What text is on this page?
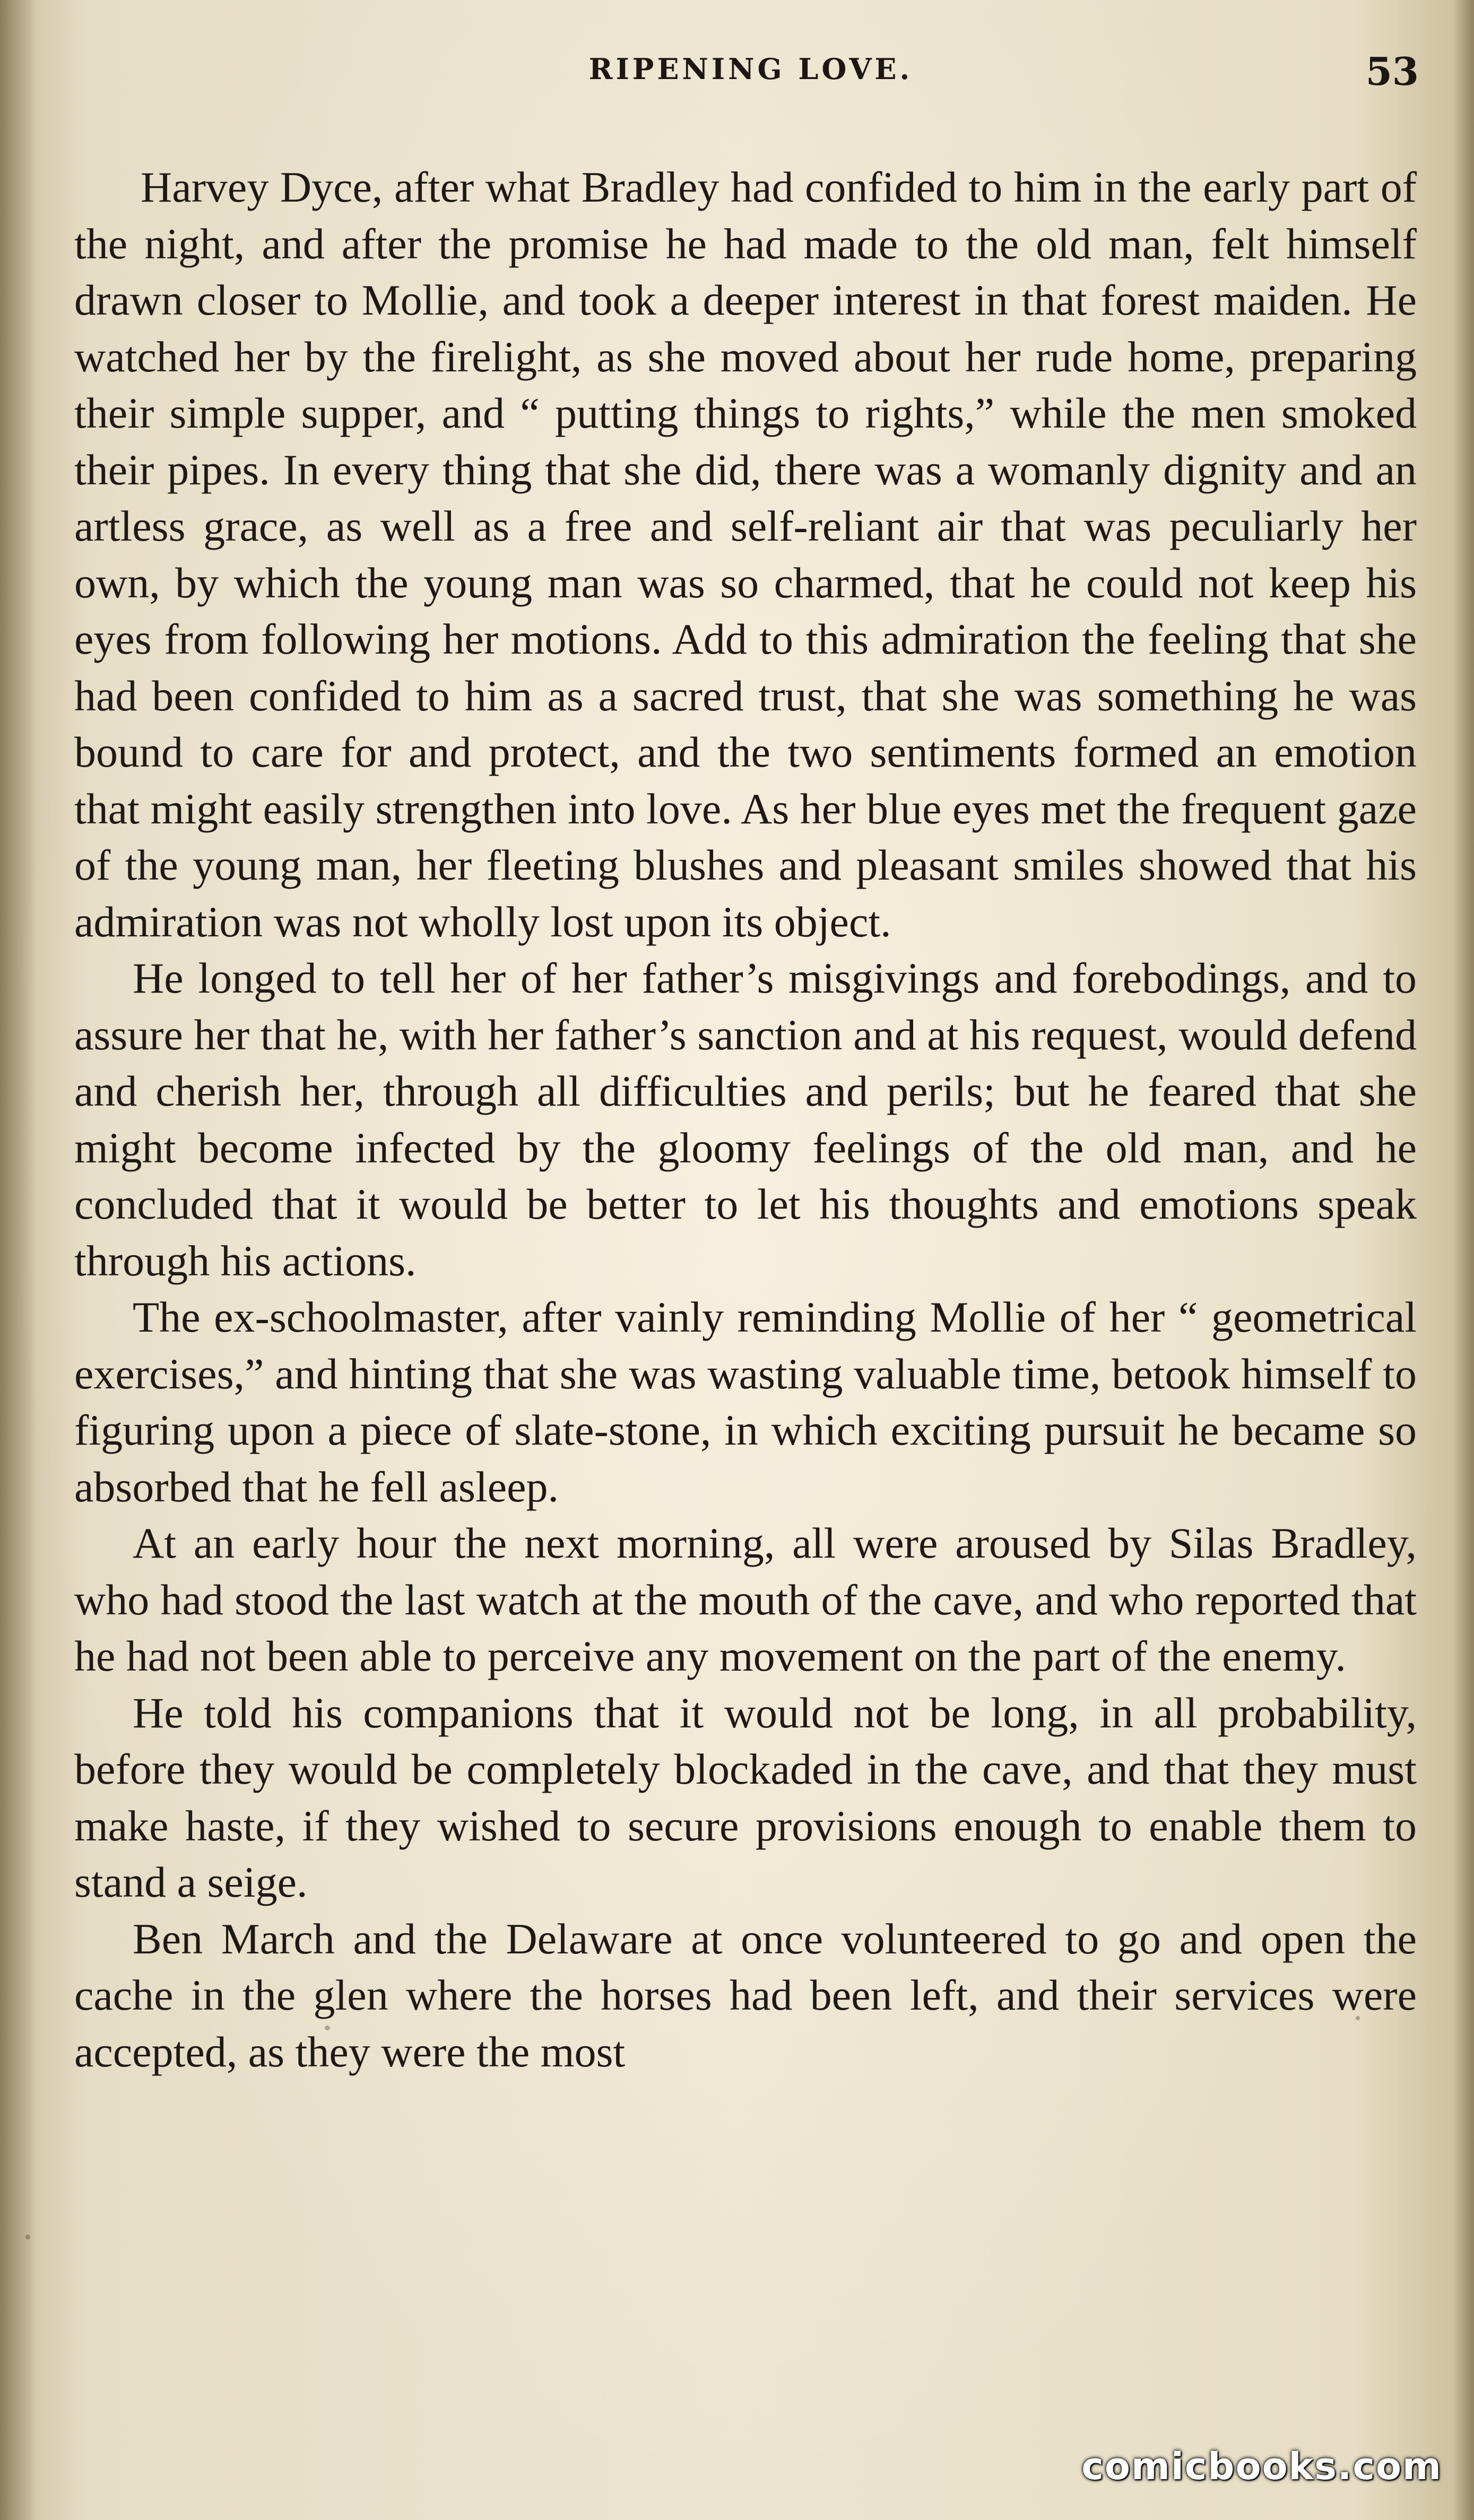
RIPENING LOVE.	53

Harvey Dyce, after what Bradley had confided to him in the early part of the night, and after the promise he had made to the old man, felt himself drawn closer to Mollie, and took a deeper interest in that forest maiden. He watched her by the firelight, as she moved about her rude home, preparing their simple supper, and “ putting things to rights,” while the men smoked their pipes. In every thing that she did, there was a womanly dignity and an artless grace, as well as a free and self-reliant air that was peculiarly her own, by which the young man was so charmed, that he could not keep his eyes from following her motions. Add to this admiration the feeling that she had been confided to him as a sacred trust, that she was something he was bound to care for and protect, and the two sentiments formed an emotion that might easily strengthen into love. As her blue eyes met the frequent gaze of the young man, her fleeting blushes and pleasant smiles showed that his admiration was not wholly lost upon its object.

He longed to tell her of her father’s misgivings and forebodings, and to assure her that he, with her father’s sanction and at his request, would defend and cherish her, through all difficulties and perils; but he feared that she might become infected by the gloomy feelings of the old man, and he concluded that it would be better to let his thoughts and emotions speak through his actions.

The ex-schoolmaster, after vainly reminding Mollie of her “ geometrical exercises,” and hinting that she was wasting valuable time, betook himself to figuring upon a piece of slate-stone, in which exciting pursuit he became so absorbed that he fell asleep.

At an early hour the next morning, all were aroused by Silas Bradley, who had stood the last watch at the mouth of the cave, and who reported that he had not been able to perceive any movement on the part of the enemy.

He told his companions that it would not be long, in all probability, before they would be completely blockaded in the cave, and that they must make haste, if they wished to secure provisions enough to enable them to stand a seige.

Ben March and the Delaware at once volunteered to go and open the cache in the glen where the horses had been left, and their services were accepted, as they were the most

comicbooks.com
